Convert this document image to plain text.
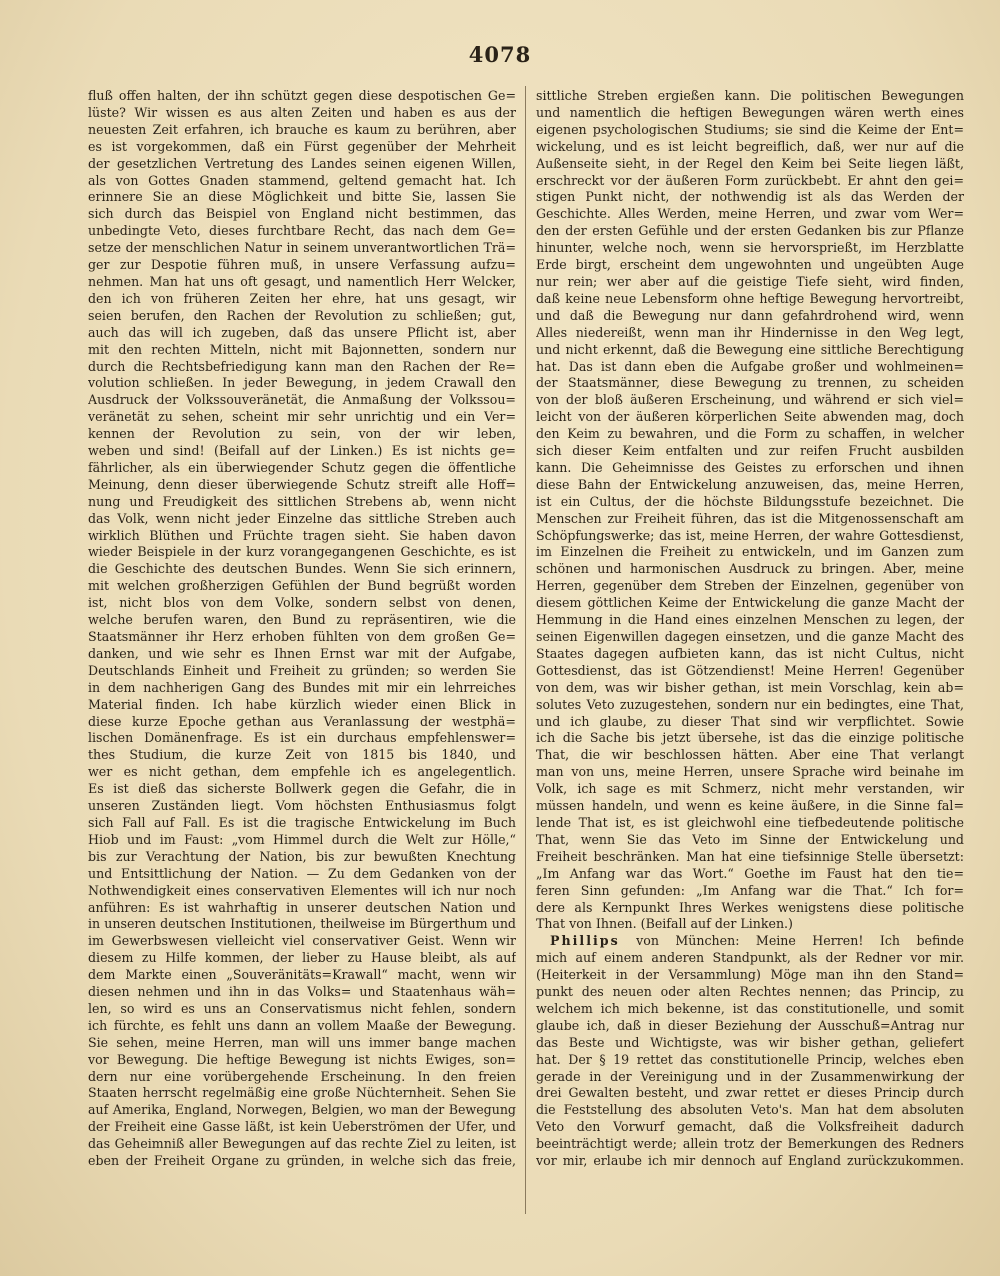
4078
fluß offen halten, der ihn schützt gegen diese despotischen Ge=
lüste? Wir wissen es aus alten Zeiten und haben es aus der
neuesten Zeit erfahren, ich brauche es kaum zu berühren, aber
es ist vorgekommen, daß ein Fürst gegenüber der Mehrheit
der gesetzlichen Vertretung des Landes seinen eigenen Willen,
als von Gottes Gnaden stammend, geltend gemacht hat. Ich
erinnere Sie an diese Möglichkeit und bitte Sie, lassen Sie
sich durch das Beispiel von England nicht bestimmen, das
unbedingte Veto, dieses furchtbare Recht, das nach dem Ge=
setze der menschlichen Natur in seinem unverantwortlichen Trä=
ger zur Despotie führen muß, in unsere Verfassung aufzu=
nehmen. Man hat uns oft gesagt, und namentlich Herr Welcker,
den ich von früheren Zeiten her ehre, hat uns gesagt, wir
seien berufen, den Rachen der Revolution zu schließen; gut,
auch das will ich zugeben, daß das unsere Pflicht ist, aber
mit den rechten Mitteln, nicht mit Bajonnetten, sondern nur
durch die Rechtsbefriedigung kann man den Rachen der Re=
volution schließen. In jeder Bewegung, in jedem Crawall den
Ausdruck der Volkssouveränetät, die Anmaßung der Volkssou=
veränetät zu sehen, scheint mir sehr unrichtig und ein Ver=
kennen der Revolution zu sein, von der wir leben,
weben und sind! (Beifall auf der Linken.) Es ist nichts ge=
fährlicher, als ein überwiegender Schutz gegen die öffentliche
Meinung, denn dieser überwiegende Schutz streift alle Hoff=
nung und Freudigkeit des sittlichen Strebens ab, wenn nicht
das Volk, wenn nicht jeder Einzelne das sittliche Streben auch
wirklich Blüthen und Früchte tragen sieht. Sie haben davon
wieder Beispiele in der kurz vorangegangenen Geschichte, es ist
die Geschichte des deutschen Bundes. Wenn Sie sich erinnern,
mit welchen großherzigen Gefühlen der Bund begrüßt worden
ist, nicht blos von dem Volke, sondern selbst von denen,
welche berufen waren, den Bund zu repräsentiren, wie die
Staatsmänner ihr Herz erhoben fühlten von dem großen Ge=
danken, und wie sehr es Ihnen Ernst war mit der Aufgabe,
Deutschlands Einheit und Freiheit zu gründen; so werden Sie
in dem nachherigen Gang des Bundes mit mir ein lehrreiches
Material finden. Ich habe kürzlich wieder einen Blick in
diese kurze Epoche gethan aus Veranlassung der westphä=
lischen Domänenfrage. Es ist ein durchaus empfehlenswer=
thes Studium, die kurze Zeit von 1815 bis 1840, und
wer es nicht gethan, dem empfehle ich es angelegentlich.
Es ist dieß das sicherste Bollwerk gegen die Gefahr, die in
unseren Zuständen liegt. Vom höchsten Enthusiasmus folgt
sich Fall auf Fall. Es ist die tragische Entwickelung im Buch
Hiob und im Faust: „vom Himmel durch die Welt zur Hölle,“
bis zur Verachtung der Nation, bis zur bewußten Knechtung
und Entsittlichung der Nation. — Zu dem Gedanken von der
Nothwendigkeit eines conservativen Elementes will ich nur noch
anführen: Es ist wahrhaftig in unserer deutschen Nation und
in unseren deutschen Institutionen, theilweise im Bürgerthum und
im Gewerbswesen vielleicht viel conservativer Geist. Wenn wir
diesem zu Hilfe kommen, der lieber zu Hause bleibt, als auf
dem Markte einen „Souveränitäts=Krawall“ macht, wenn wir
diesen nehmen und ihn in das Volks= und Staatenhaus wäh=
len, so wird es uns an Conservatismus nicht fehlen, sondern
ich fürchte, es fehlt uns dann an vollem Maaße der Bewegung.
Sie sehen, meine Herren, man will uns immer bange machen
vor Bewegung. Die heftige Bewegung ist nichts Ewiges, son=
dern nur eine vorübergehende Erscheinung. In den freien
Staaten herrscht regelmäßig eine große Nüchternheit. Sehen Sie
auf Amerika, England, Norwegen, Belgien, wo man der Bewegung
der Freiheit eine Gasse läßt, ist kein Ueberströmen der Ufer, und
das Geheimniß aller Bewegungen auf das rechte Ziel zu leiten, ist
eben der Freiheit Organe zu gründen, in welche sich das freie,
sittliche Streben ergießen kann. Die politischen Bewegungen
und namentlich die heftigen Bewegungen wären werth eines
eigenen psychologischen Studiums; sie sind die Keime der Ent=
wickelung, und es ist leicht begreiflich, daß, wer nur auf die
Außenseite sieht, in der Regel den Keim bei Seite liegen läßt,
erschreckt vor der äußeren Form zurückbebt. Er ahnt den gei=
stigen Punkt nicht, der nothwendig ist als das Werden der
Geschichte. Alles Werden, meine Herren, und zwar vom Wer=
den der ersten Gefühle und der ersten Gedanken bis zur Pflanze
hinunter, welche noch, wenn sie hervorsprießt, im Herzblatte
Erde birgt, erscheint dem ungewohnten und ungeübten Auge
nur rein; wer aber auf die geistige Tiefe sieht, wird finden,
daß keine neue Lebensform ohne heftige Bewegung hervortreibt,
und daß die Bewegung nur dann gefahrdrohend wird, wenn
Alles niedereißt, wenn man ihr Hindernisse in den Weg legt,
und nicht erkennt, daß die Bewegung eine sittliche Berechtigung
hat. Das ist dann eben die Aufgabe großer und wohlmeinen=
der Staatsmänner, diese Bewegung zu trennen, zu scheiden
von der bloß äußeren Erscheinung, und während er sich viel=
leicht von der äußeren körperlichen Seite abwenden mag, doch
den Keim zu bewahren, und die Form zu schaffen, in welcher
sich dieser Keim entfalten und zur reifen Frucht ausbilden
kann. Die Geheimnisse des Geistes zu erforschen und ihnen
diese Bahn der Entwickelung anzuweisen, das, meine Herren,
ist ein Cultus, der die höchste Bildungsstufe bezeichnet. Die
Menschen zur Freiheit führen, das ist die Mitgenossenschaft am
Schöpfungswerke; das ist, meine Herren, der wahre Gottesdienst,
im Einzelnen die Freiheit zu entwickeln, und im Ganzen zum
schönen und harmonischen Ausdruck zu bringen. Aber, meine
Herren, gegenüber dem Streben der Einzelnen, gegenüber von
diesem göttlichen Keime der Entwickelung die ganze Macht der
Hemmung in die Hand eines einzelnen Menschen zu legen, der
seinen Eigenwillen dagegen einsetzen, und die ganze Macht des
Staates dagegen aufbieten kann, das ist nicht Cultus, nicht
Gottesdienst, das ist Götzendienst! Meine Herren! Gegenüber
von dem, was wir bisher gethan, ist mein Vorschlag, kein ab=
solutes Veto zuzugestehen, sondern nur ein bedingtes, eine That,
und ich glaube, zu dieser That sind wir verpflichtet. Sowie
ich die Sache bis jetzt übersehe, ist das die einzige politische
That, die wir beschlossen hätten. Aber eine That verlangt
man von uns, meine Herren, unsere Sprache wird beinahe im
Volk, ich sage es mit Schmerz, nicht mehr verstanden, wir
müssen handeln, und wenn es keine äußere, in die Sinne fal=
lende That ist, es ist gleichwohl eine tiefbedeutende politische
That, wenn Sie das Veto im Sinne der Entwickelung und
Freiheit beschränken. Man hat eine tiefsinnige Stelle übersetzt:
„Im Anfang war das Wort.“ Goethe im Faust hat den tie=
feren Sinn gefunden: „Im Anfang war die That.“ Ich for=
dere als Kernpunkt Ihres Werkes wenigstens diese politische
That von Ihnen. (Beifall auf der Linken.)
Phillips von München: Meine Herren! Ich befinde
mich auf einem anderen Standpunkt, als der Redner vor mir.
(Heiterkeit in der Versammlung) Möge man ihn den Stand=
punkt des neuen oder alten Rechtes nennen; das Princip, zu
welchem ich mich bekenne, ist das constitutionelle, und somit
glaube ich, daß in dieser Beziehung der Ausschuß=Antrag nur
das Beste und Wichtigste, was wir bisher gethan, geliefert
hat. Der § 19 rettet das constitutionelle Princip, welches eben
gerade in der Vereinigung und in der Zusammenwirkung der
drei Gewalten besteht, und zwar rettet er dieses Princip durch
die Feststellung des absoluten Veto's. Man hat dem absoluten
Veto den Vorwurf gemacht, daß die Volksfreiheit dadurch
beeinträchtigt werde; allein trotz der Bemerkungen des Redners
vor mir, erlaube ich mir dennoch auf England zurückzukommen.
